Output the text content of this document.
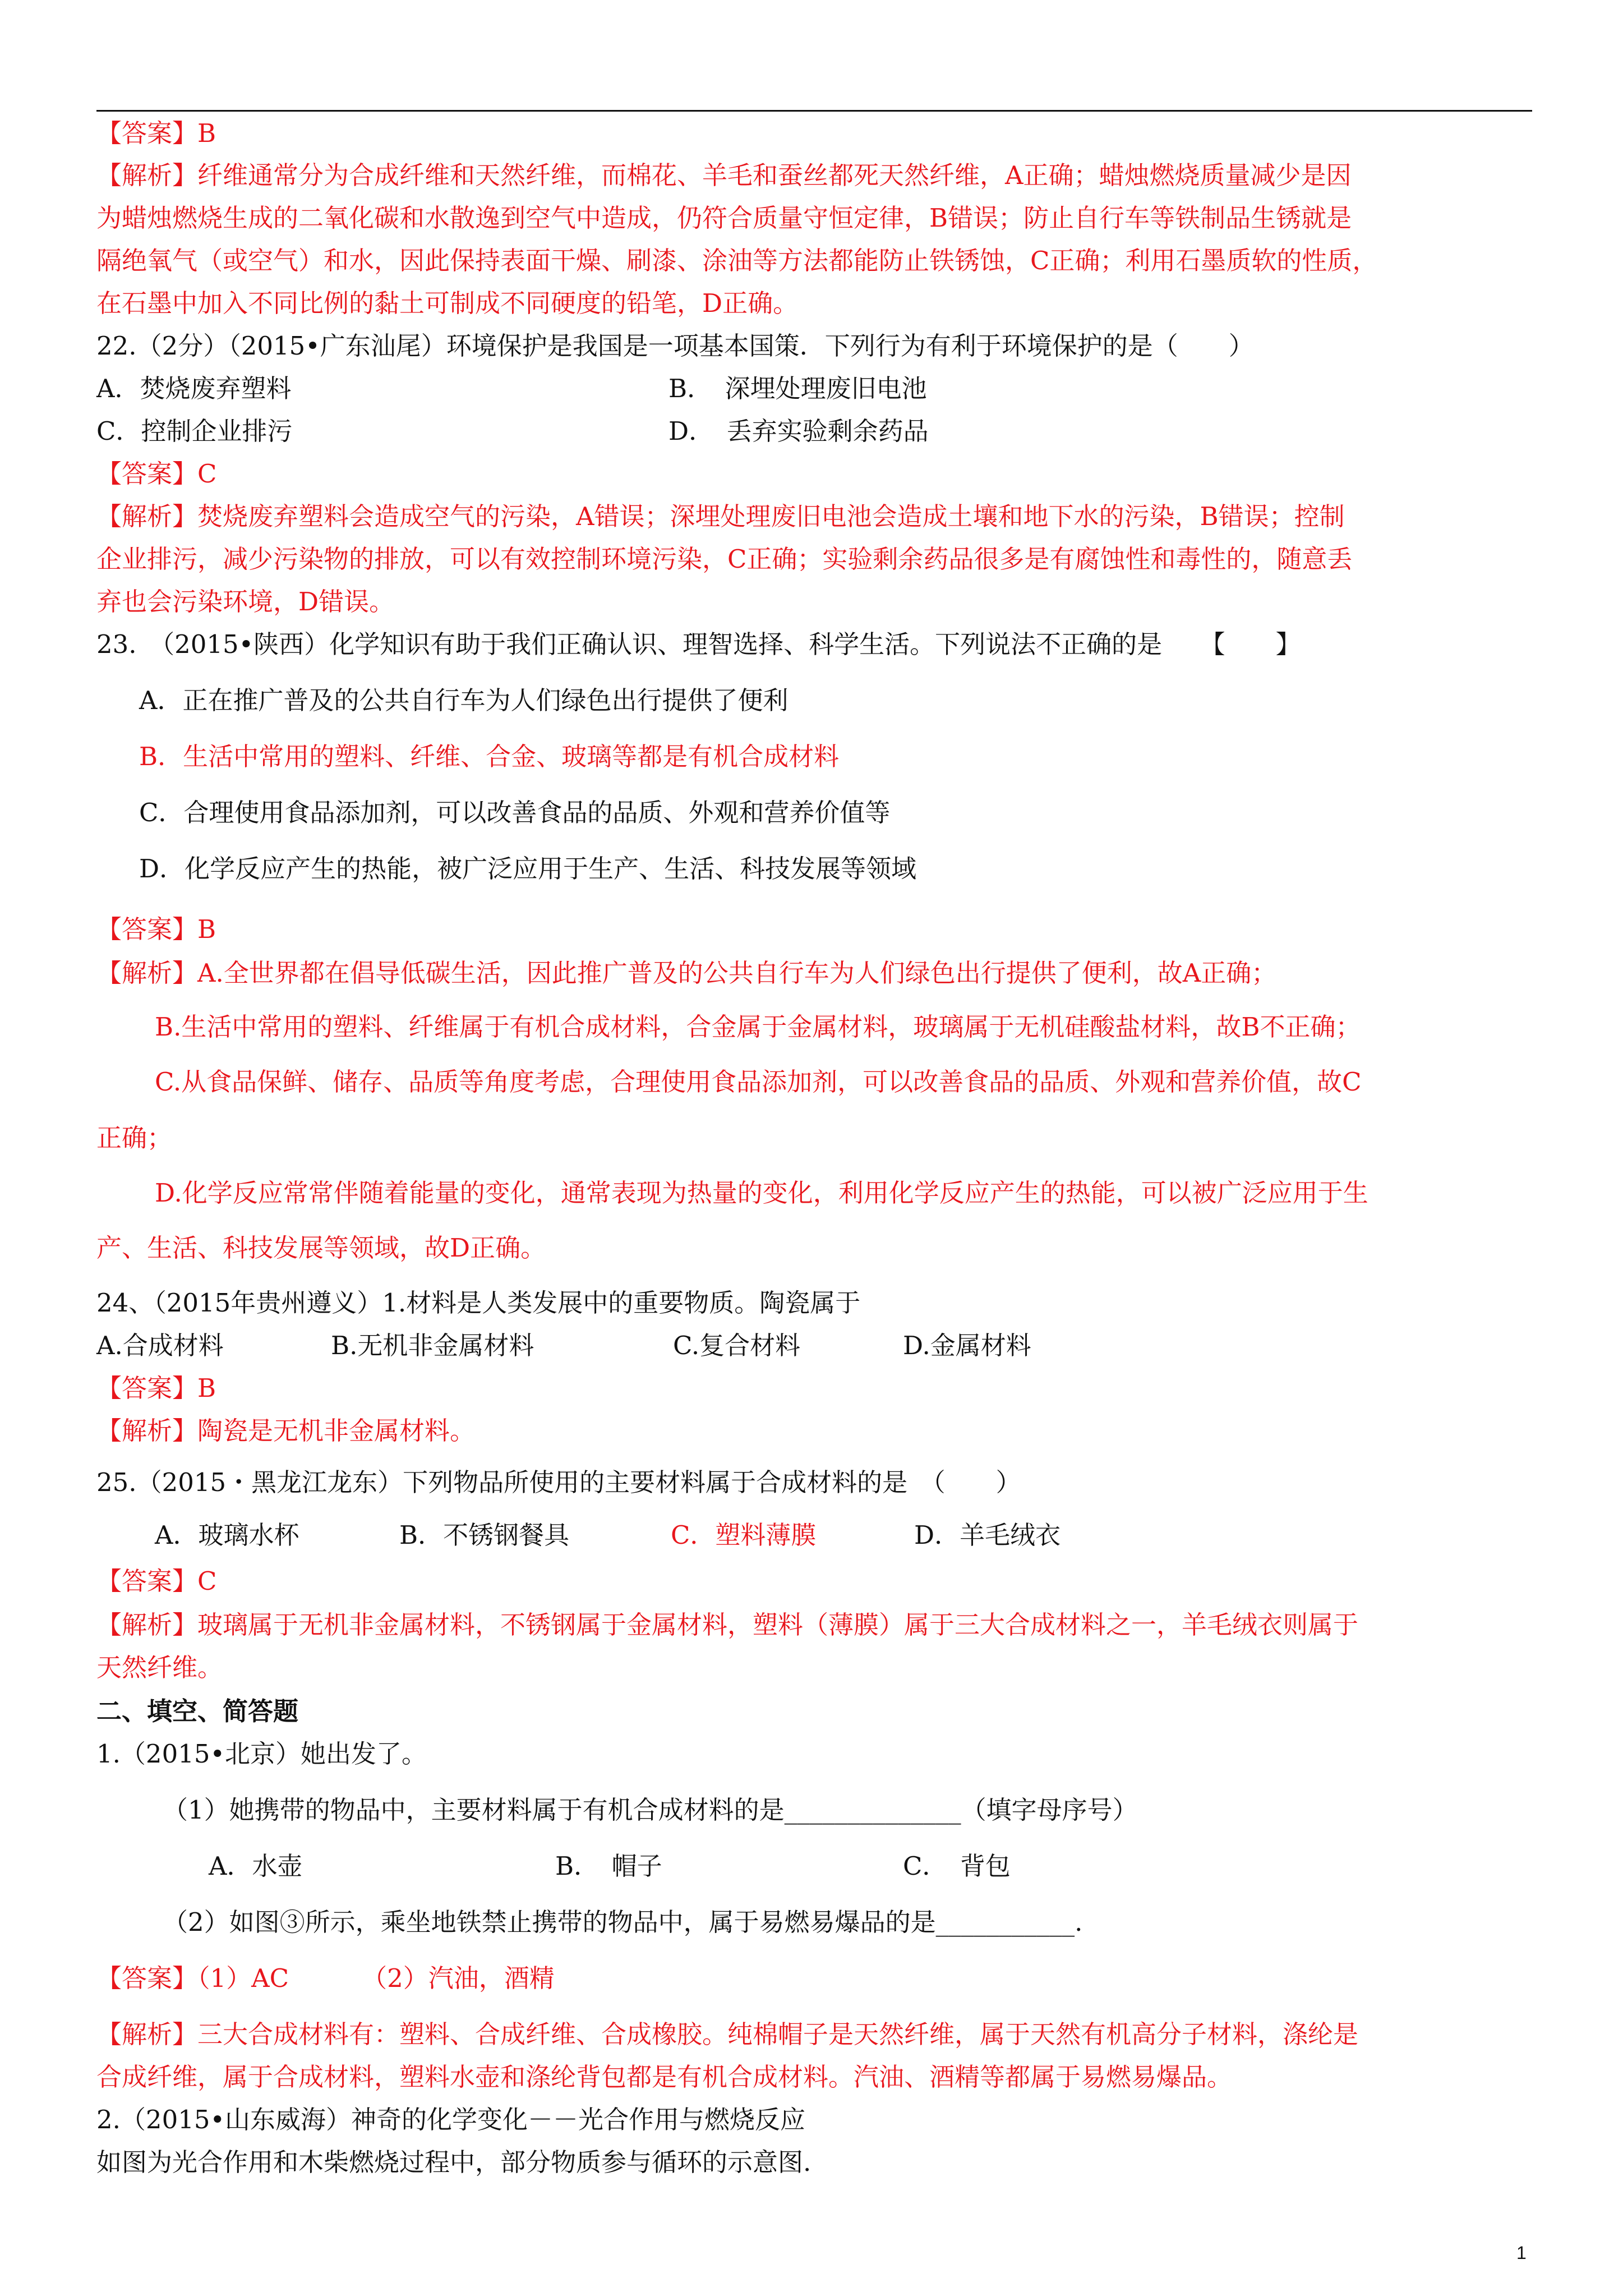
【答案】B
【解析】纤维通常分为合成纤维和天然纤维，而棉花、羊毛和蚕丝都死天然纤维，A正确；蜡烛燃烧质量减少是因
为蜡烛燃烧生成的二氧化碳和水散逸到空气中造成，仍符合质量守恒定律，B错误；防止自行车等铁制品生锈就是
隔绝氧气（或空气）和水，因此保持表面干燥、刷漆、涂油等方法都能防止铁锈蚀，C正确；利用石墨质软的性质，
在石墨中加入不同比例的黏土可制成不同硬度的铅笔，D正确。
22.（2分）（2015•广东汕尾）环境保护是我国是一项基本国策．下列行为有利于环境保护的是（　　）
A．焚烧废弃塑料	B．　深埋处理废旧电池
C．控制企业排污	D．　丢弃实验剩余药品
【答案】C
【解析】焚烧废弃塑料会造成空气的污染，A错误；深埋处理废旧电池会造成土壤和地下水的污染，B错误；控制
企业排污，减少污染物的排放，可以有效控制环境污染，C正确；实验剩余药品很多是有腐蚀性和毒性的，随意丢
弃也会污染环境，D错误。
23.　（2015•陕西）化学知识有助于我们正确认识、理智选择、科学生活。下列说法不正确的是　　【　　】
A．正在推广普及的公共自行车为人们绿色出行提供了便利
B．生活中常用的塑料、纤维、合金、玻璃等都是有机合成材料
C．合理使用食品添加剂，可以改善食品的品质、外观和营养价值等
D．化学反应产生的热能，被广泛应用于生产、生活、科技发展等领域
【答案】B
【解析】A.全世界都在倡导低碳生活，因此推广普及的公共自行车为人们绿色出行提供了便利，故A正确；
B.生活中常用的塑料、纤维属于有机合成材料，合金属于金属材料，玻璃属于无机硅酸盐材料，故B不正确；
C.从食品保鲜、储存、品质等角度考虑，合理使用食品添加剂，可以改善食品的品质、外观和营养价值，故C
正确；
D.化学反应常常伴随着能量的变化，通常表现为热量的变化，利用化学反应产生的热能，可以被广泛应用于生
产、生活、科技发展等领域，故D正确。
24、（2015年贵州遵义）1.材料是人类发展中的重要物质。陶瓷属于
A.合成材料	B.无机非金属材料	C.复合材料	D.金属材料
【答案】B
【解析】陶瓷是无机非金属材料。
25.（2015・黑龙江龙东）下列物品所使用的主要材料属于合成材料的是　（　　）
A．玻璃水杯	B．不锈钢餐具	C．塑料薄膜	D．羊毛绒衣
【答案】C
【解析】玻璃属于无机非金属材料，不锈钢属于金属材料，塑料（薄膜）属于三大合成材料之一，羊毛绒衣则属于
天然纤维。
二、填空、简答题
1.（2015•北京）她出发了。
（1）她携带的物品中，主要材料属于有机合成材料的是______________（填字母序号）
A．水壶	B．　帽子	C．　背包
（2）如图③所示，乘坐地铁禁止携带的物品中，属于易燃易爆品的是___________.
【答案】（1）AC	（2）汽油，酒精
【解析】三大合成材料有：塑料、合成纤维、合成橡胶。纯棉帽子是天然纤维，属于天然有机高分子材料，涤纶是
合成纤维，属于合成材料，塑料水壶和涤纶背包都是有机合成材料。汽油、酒精等都属于易燃易爆品。
2.（2015•山东威海）神奇的化学变化－－光合作用与燃烧反应
如图为光合作用和木柴燃烧过程中，部分物质参与循环的示意图.
1
